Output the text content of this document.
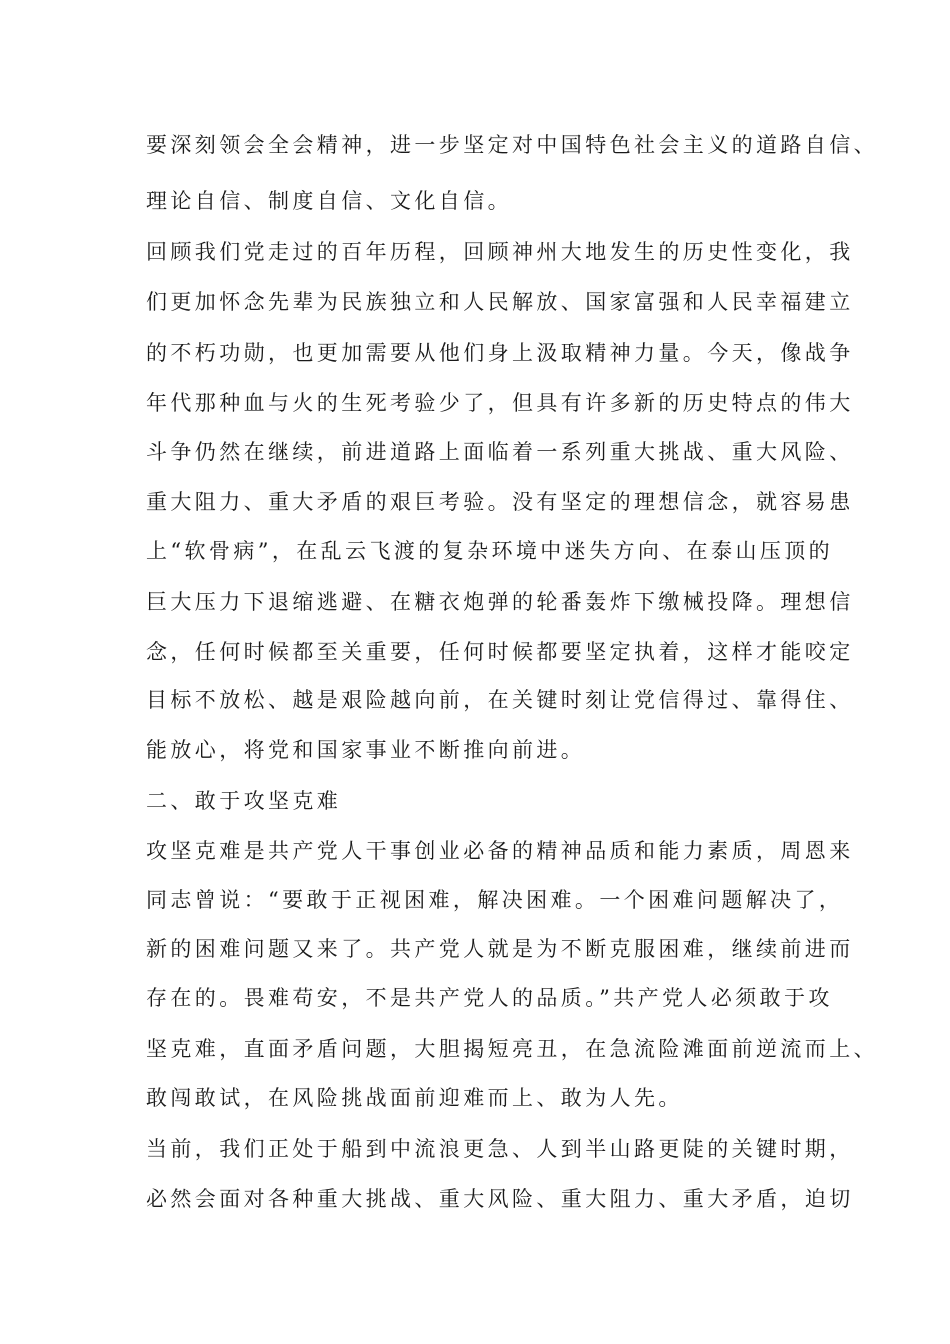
要深刻领会全会精神，进一步坚定对中国特色社会主义的道路自信、
理论自信、制度自信、文化自信。
回顾我们党走过的百年历程，回顾神州大地发生的历史性变化，我
们更加怀念先辈为民族独立和人民解放、国家富强和人民幸福建立
的不朽功勋，也更加需要从他们身上汲取精神力量。今天，像战争
年代那种血与火的生死考验少了，但具有许多新的历史特点的伟大
斗争仍然在继续，前进道路上面临着一系列重大挑战、重大风险、
重大阻力、重大矛盾的艰巨考验。没有坚定的理想信念，就容易患
上“软骨病”，在乱云飞渡的复杂环境中迷失方向、在泰山压顶的
巨大压力下退缩逃避、在糖衣炮弹的轮番轰炸下缴械投降。理想信
念，任何时候都至关重要，任何时候都要坚定执着，这样才能咬定
目标不放松、越是艰险越向前，在关键时刻让党信得过、靠得住、
能放心，将党和国家事业不断推向前进。
二、敢于攻坚克难
攻坚克难是共产党人干事创业必备的精神品质和能力素质，周恩来
同志曾说：“要敢于正视困难，解决困难。一个困难问题解决了，
新的困难问题又来了。共产党人就是为不断克服困难，继续前进而
存在的。畏难苟安，不是共产党人的品质。”共产党人必须敢于攻
坚克难，直面矛盾问题，大胆揭短亮丑，在急流险滩面前逆流而上、
敢闯敢试，在风险挑战面前迎难而上、敢为人先。
当前，我们正处于船到中流浪更急、人到半山路更陡的关键时期，
必然会面对各种重大挑战、重大风险、重大阻力、重大矛盾，迫切
